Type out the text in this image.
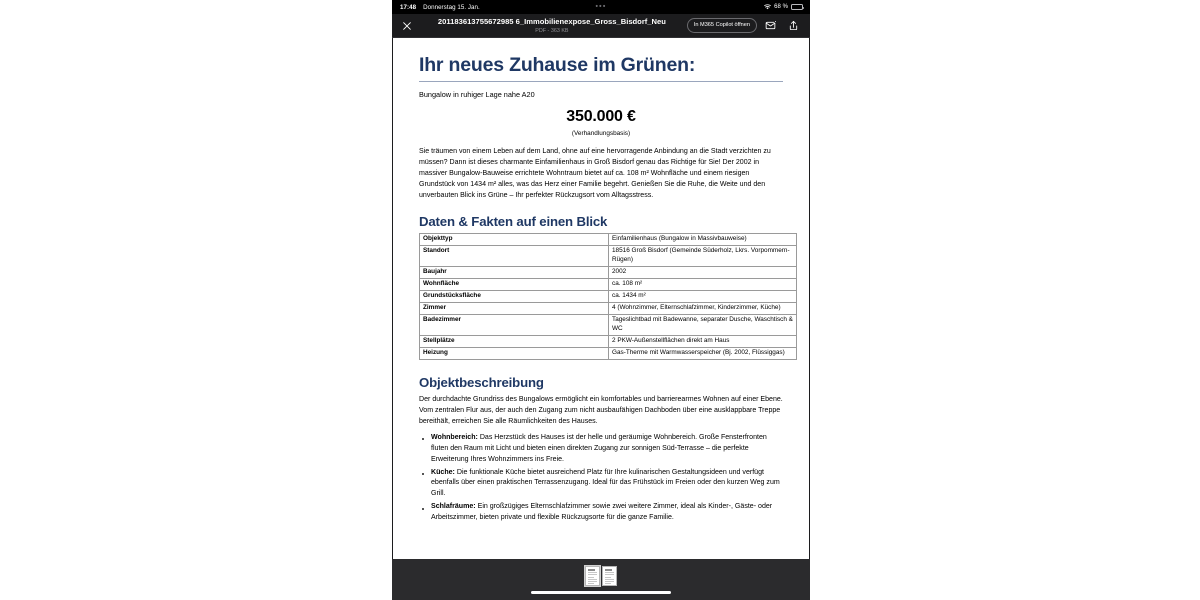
17:48 Donnerstag 15. Jan.	•••	68 %
201183613755672985 6_Immobilienexpose_Gross_Bisdorf_Neu
PDF - 363 KB
In M365 Copilot öffnen
Ihr neues Zuhause im Grünen:

Bungalow in ruhiger Lage nahe A20

350.000 €

(Verhandlungsbasis)

Sie träumen von einem Leben auf dem Land, ohne auf eine hervorragende Anbindung an die Stadt verzichten zu müssen? Dann ist dieses charmante Einfamilienhaus in Groß Bisdorf genau das Richtige für Sie! Der 2002 in massiver Bungalow-Bauweise errichtete Wohntraum bietet auf ca. 108 m² Wohnfläche und einem riesigen Grundstück von 1434 m² alles, was das Herz einer Familie begehrt. Genießen Sie die Ruhe, die Weite und den unverbauten Blick ins Grüne – Ihr perfekter Rückzugsort vom Alltagsstress.

Daten & Fakten auf einen Blick
Objekttyp	Einfamilienhaus (Bungalow in Massivbauweise)
Standort	18516 Groß Bisdorf (Gemeinde Süderholz, Lkrs. Vorpommern-Rügen)
Baujahr	2002
Wohnfläche	ca. 108 m²
Grundstücksfläche	ca. 1434 m²
Zimmer	4 (Wohnzimmer, Elternschlafzimmer, Kinderzimmer, Küche)
Badezimmer	Tageslichtbad mit Badewanne, separater Dusche, Waschtisch & WC
Stellplätze	2 PKW-Außenstellflächen direkt am Haus
Heizung	Gas-Therme mit Warmwasserspeicher (Bj. 2002, Flüssiggas)
Objektbeschreibung

Der durchdachte Grundriss des Bungalows ermöglicht ein komfortables und barrierearmes Wohnen auf einer Ebene. Vom zentralen Flur aus, der auch den Zugang zum nicht ausbaufähigen Dachboden über eine ausklappbare Treppe bereithält, erreichen Sie alle Räumlichkeiten des Hauses.

Wohnbereich: Das Herzstück des Hauses ist der helle und geräumige Wohnbereich. Große Fensterfronten fluten den Raum mit Licht und bieten einen direkten Zugang zur sonnigen Süd-Terrasse – die perfekte Erweiterung Ihres Wohnzimmers ins Freie.
Küche: Die funktionale Küche bietet ausreichend Platz für Ihre kulinarischen Gestaltungsideen und verfügt ebenfalls über einen praktischen Terrassenzugang. Ideal für das Frühstück im Freien oder den kurzen Weg zum Grill.
Schlafräume: Ein großzügiges Elternschlafzimmer sowie zwei weitere Zimmer, ideal als Kinder-, Gäste- oder Arbeitszimmer, bieten private und flexible Rückzugsorte für die ganze Familie.
